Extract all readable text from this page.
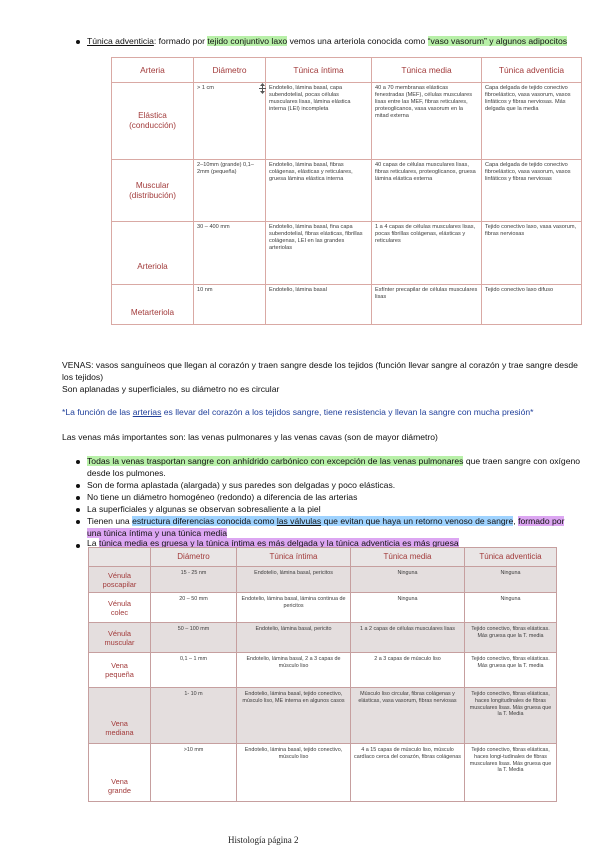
Túnica adventicia: formado por tejido conjuntivo laxo vemos una arteriola conocida como “vaso vasorum” y algunos adipocitos
Arteria	Diámetro	Túnica íntima	Túnica media	Túnica adventicia
Elástica
(conducción)	> 1 cm	Endotelio, lámina basal, capa subendotelial, pocas células musculares lisas, lámina elástica interna (LEI) incompleta	40 a 70 membranas elásticas fenestradas (MEF), células musculares lisas entre las MEF, fibras reticulares, proteoglicanos, vasa vasorum en la mitad externa	Capa delgada de tejido conectivo fibroelástico, vasa vasorum, vasos linfáticos y fibras nerviosas. Más delgada que la media
Muscular
(distribución)	2–10mm (grande) 0,1–2mm (pequeña)	Endotelio, lámina basal, fibras colágenas, elásticas y reticulares, gruesa lámina elástica interna	40 capas de células musculares lisas, fibras reticulares, proteoglicanos, gruesa lámina elástica externa	Capa delgada de tejido conectivo fibroelástico, vasa vasorum, vasos linfáticos y fibras nerviosas
Arteriola	30 – 400 mm	Endotelio, lámina basal, fina capa subendotelial, fibras elásticas, fibrillas colágenas, LEI en las grandes arteriolas	1 a 4 capas de células musculares lisas, pocas fibrillas colágenas, elásticas y reticulares	Tejido conectivo laxo, vasa vasorum, fibras nerviosas
Metarteriola	10 nm	Endotelio, lámina basal	Esfínter precapilar de células musculares lisas	Tejido conectivo laxo difuso
VENAS: vasos sanguíneos que llegan al corazón y traen sangre desde los tejidos (función llevar sangre al corazón y trae sangre desde
los tejidos)
Son aplanadas y superficiales, su diámetro no es circular
*La función de las arterias es llevar del corazón a los tejidos sangre, tiene resistencia y llevan la sangre con mucha presión*
Las venas más importantes son: las venas pulmonares y las venas cavas (son de mayor diámetro)
Todas la venas trasportan sangre con anhídrido carbónico con excepción de las venas pulmonares que traen sangre con oxígeno
desde los pulmones.
Son de forma aplastada (alargada) y sus paredes son delgadas y poco elásticas.
No tiene un diámetro homogéneo (redondo) a diferencia de las arterias
La superficiales y algunas se observan sobresaliente a la piel
Tienen una estructura diferencias conocida como las válvulas que evitan que haya un retorno venoso de sangre, formado por
una túnica íntima y una túnica media
La túnica media es gruesa y la túnica íntima es más delgada y la túnica adventicia es más gruesa
	Diámetro	Túnica íntima	Túnica media	Túnica adventicia
Vénula
poscapilar	15 - 25 nm	Endotelio, lámina basal, pericitos	Ninguna	Ninguna
Vénula
colec	20 – 50 mm	Endotelio, lámina basal, lámina continua de pericitos	Ninguna	Ninguna
Vénula
muscular	50 – 100 mm	Endotelio, lámina basal, pericito	1 a 2 capas de células musculares lisas	Tejido conectivo, fibras elásticas. Más gruesa que la T. media
Vena
pequeña	0,1 – 1 mm	Endotelio, lámina basal, 2 a 3 capas de músculo liso	2 a 3 capas de músculo liso	Tejido conectivo, fibras elásticas. Más gruesa que la T. media
Vena
mediana	1- 10 m	Endotelio, lámina basal, tejido conectivo, músculo liso, ME interna en algunos casos	Músculo liso circular, fibras colágenas y elásticas, vasa vasorum, fibras nerviosas	Tejido conectivo, fibras elásticas, haces longitudinales de fibras musculares lisas. Más gruesa que la T. Media
Vena
grande	>10 mm	Endotelio, lámina basal, tejido conectivo, músculo liso	4 a 15 capas de músculo liso, músculo cardíaco cerca del corazón, fibras colágenas	Tejido conectivo, fibras elásticas, haces longi-tudinales de fibras musculares lisas. Más gruesa que la T. Media
Histología página 2
